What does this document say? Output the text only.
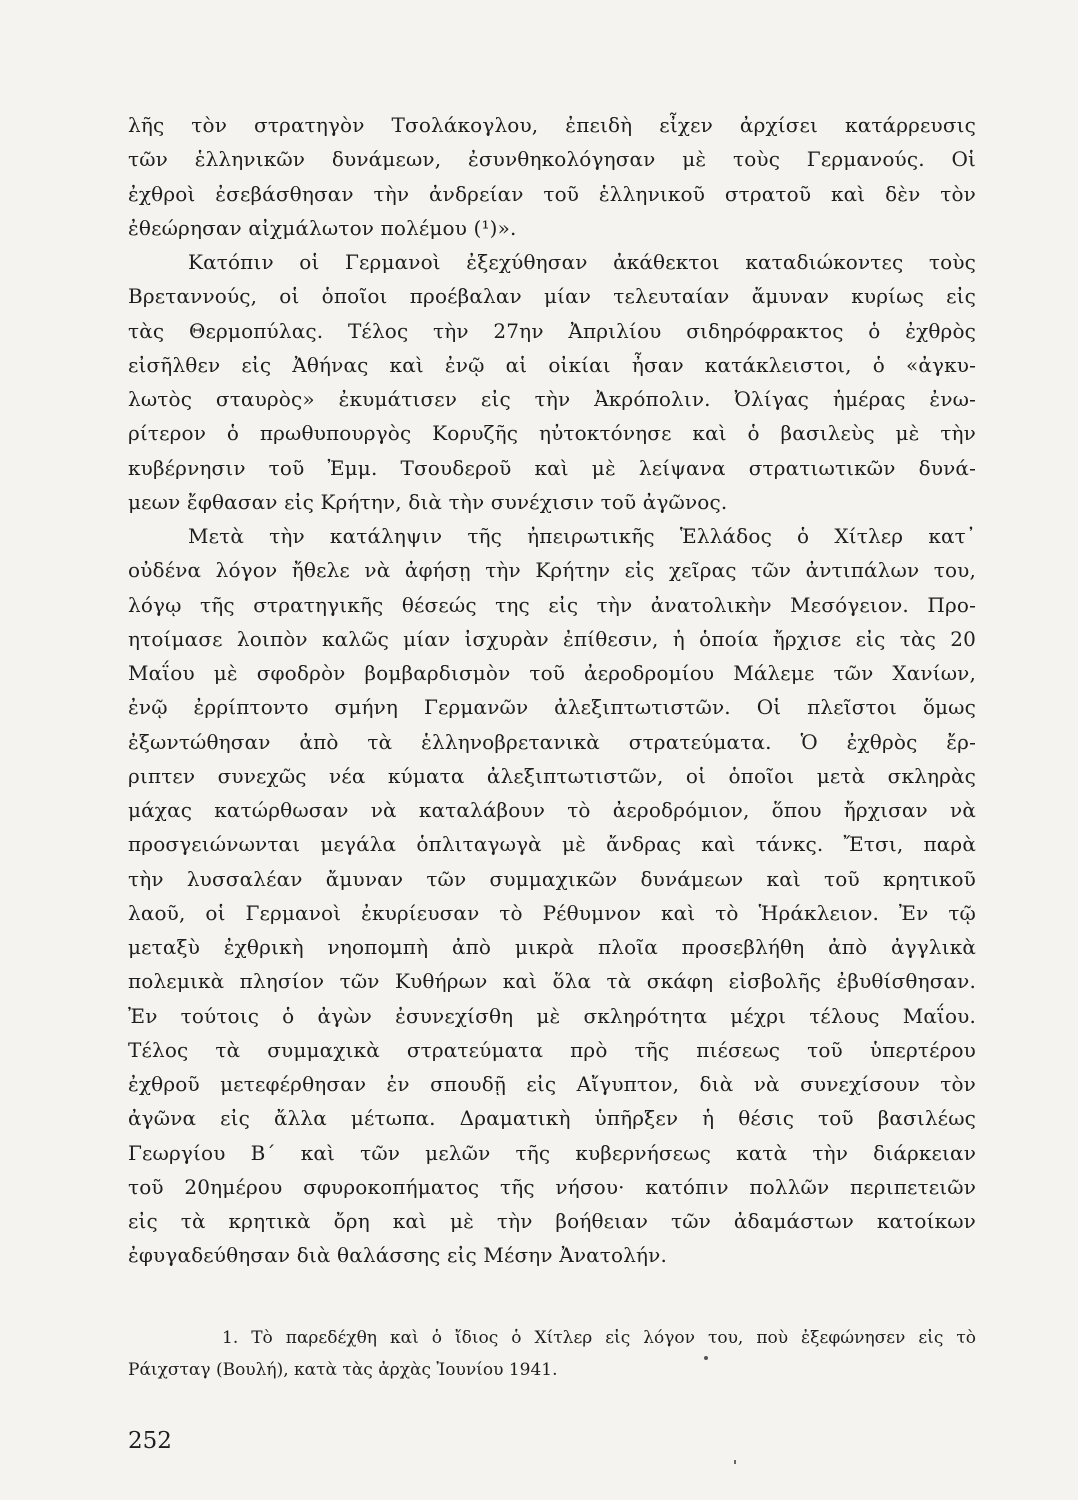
λῆς τὸν στρατηγὸν Τσολάκογλου, ἐπειδὴ εἶχεν ἀρχίσει κατάρρευσις
τῶν ἑλληνικῶν δυνάμεων, ἐσυνθηκολόγησαν μὲ τοὺς Γερμανούς. Οἱ
ἐχθροὶ ἐσεβάσθησαν τὴν ἀνδρείαν τοῦ ἑλληνικοῦ στρατοῦ καὶ δὲν τὸν
ἐθεώρησαν αἰχμάλωτον πολέμου (¹)».
Κατόπιν οἱ Γερμανοὶ ἐξεχύθησαν ἀκάθεκτοι καταδιώκοντες τοὺς
Βρεταννούς, οἱ ὁποῖοι προέβαλαν μίαν τελευταίαν ἄμυναν κυρίως εἰς
τὰς Θερμοπύλας. Τέλος τὴν 27ην Ἀπριλίου σιδηρόφρακτος ὁ ἐχθρὸς
εἰσῆλθεν εἰς Ἀθήνας καὶ ἐνῷ αἱ οἰκίαι ἦσαν κατάκλειστοι, ὁ «ἀγκυ-
λωτὸς σταυρὸς» ἐκυμάτισεν εἰς τὴν Ἀκρόπολιν. Ὀλίγας ἡμέρας ἐνω-
ρίτερον ὁ πρωθυπουργὸς Κορυζῆς ηὐτοκτόνησε καὶ ὁ βασιλεὺς μὲ τὴν
κυβέρνησιν τοῦ Ἐμμ. Τσουδεροῦ καὶ μὲ λείψανα στρατιωτικῶν δυνά-
μεων ἔφθασαν εἰς Κρήτην, διὰ τὴν συνέχισιν τοῦ ἀγῶνος.
Μετὰ τὴν κατάληψιν τῆς ἠπειρωτικῆς Ἑλλάδος ὁ Χίτλερ κατ᾽
οὐδένα λόγον ἤθελε νὰ ἀφήσῃ τὴν Κρήτην εἰς χεῖρας τῶν ἀντιπάλων του,
λόγῳ τῆς στρατηγικῆς θέσεώς της εἰς τὴν ἀνατολικὴν Μεσόγειον. Προ-
ητοίμασε λοιπὸν καλῶς μίαν ἰσχυρὰν ἐπίθεσιν, ἡ ὁποία ἤρχισε εἰς τὰς 20
Μαΐου μὲ σφοδρὸν βομβαρδισμὸν τοῦ ἀεροδρομίου Μάλεμε τῶν Χανίων,
ἐνῷ ἐρρίπτοντο σμήνη Γερμανῶν ἀλεξιπτωτιστῶν. Οἱ πλεῖστοι ὅμως
ἐξωντώθησαν ἀπὸ τὰ ἑλληνοβρετανικὰ στρατεύματα. Ὁ ἐχθρὸς ἔρ-
ριπτεν συνεχῶς νέα κύματα ἀλεξιπτωτιστῶν, οἱ ὁποῖοι μετὰ σκληρὰς
μάχας κατώρθωσαν νὰ καταλάβουν τὸ ἀεροδρόμιον, ὅπου ἤρχισαν νὰ
προσγειώνωνται μεγάλα ὁπλιταγωγὰ μὲ ἄνδρας καὶ τάνκς. Ἔτσι, παρὰ
τὴν λυσσαλέαν ἄμυναν τῶν συμμαχικῶν δυνάμεων καὶ τοῦ κρητικοῦ
λαοῦ, οἱ Γερμανοὶ ἐκυρίευσαν τὸ Ρέθυμνον καὶ τὸ Ἡράκλειον. Ἐν τῷ
μεταξὺ ἐχθρικὴ νηοπομπὴ ἀπὸ μικρὰ πλοῖα προσεβλήθη ἀπὸ ἀγγλικὰ
πολεμικὰ πλησίον τῶν Κυθήρων καὶ ὅλα τὰ σκάφη εἰσβολῆς ἐβυθίσθησαν.
Ἐν τούτοις ὁ ἀγὼν ἐσυνεχίσθη μὲ σκληρότητα μέχρι τέλους Μαΐου.
Τέλος τὰ συμμαχικὰ στρατεύματα πρὸ τῆς πιέσεως τοῦ ὑπερτέρου
ἐχθροῦ μετεφέρθησαν ἐν σπουδῇ εἰς Αἴγυπτον, διὰ νὰ συνεχίσουν τὸν
ἀγῶνα εἰς ἄλλα μέτωπα. Δραματικὴ ὑπῆρξεν ἡ θέσις τοῦ βασιλέως
Γεωργίου Β΄ καὶ τῶν μελῶν τῆς κυβερνήσεως κατὰ τὴν διάρκειαν
τοῦ 20ημέρου σφυροκοπήματος τῆς νήσου· κατόπιν πολλῶν περιπετειῶν
εἰς τὰ κρητικὰ ὄρη καὶ μὲ τὴν βοήθειαν τῶν ἀδαμάστων κατοίκων
ἐφυγαδεύθησαν διὰ θαλάσσης εἰς Μέσην Ἀνατολήν.
1. Τὸ παρεδέχθη καὶ ὁ ἴδιος ὁ Χίτλερ εἰς λόγον του, ποὺ ἐξεφώνησεν εἰς τὸ
Ράιχσταγ (Βουλή), κατὰ τὰς ἀρχὰς Ἰουνίου 1941.
252
